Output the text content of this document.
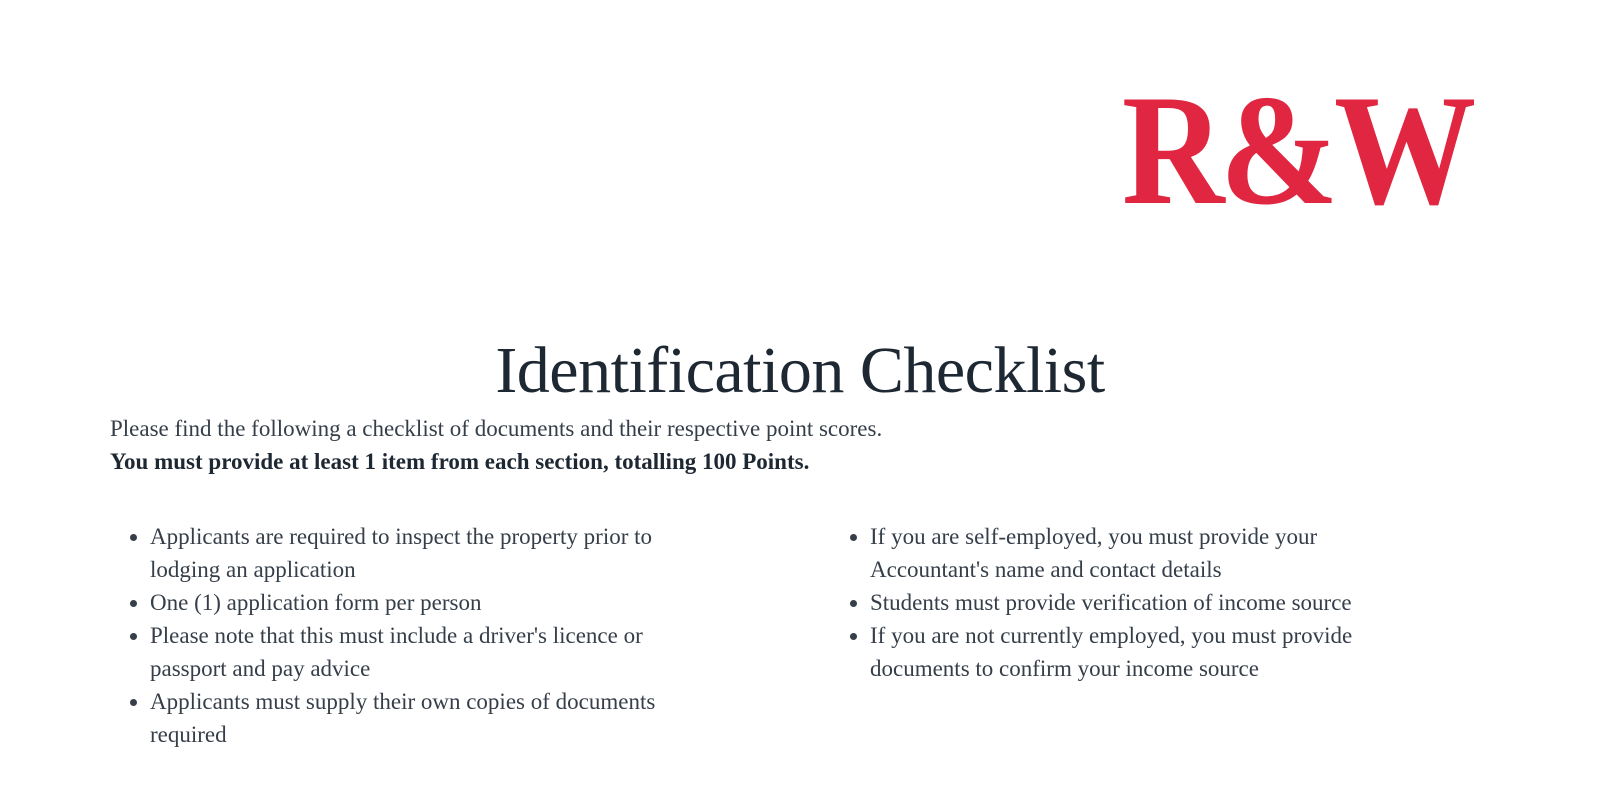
R&W
Identification Checklist
Please find the following a checklist of documents and their respective point scores.
You must provide at least 1 item from each section, totalling 100 Points.
• Applicants are required to inspect the property prior to lodging an application
• One (1) application form per person
• Please note that this must include a driver's licence or passport and pay advice
• Applicants must supply their own copies of documents required
• If you are self-employed, you must provide your Accountant's name and contact details
• Students must provide verification of income source
• If you are not currently employed, you must provide documents to confirm your income source
